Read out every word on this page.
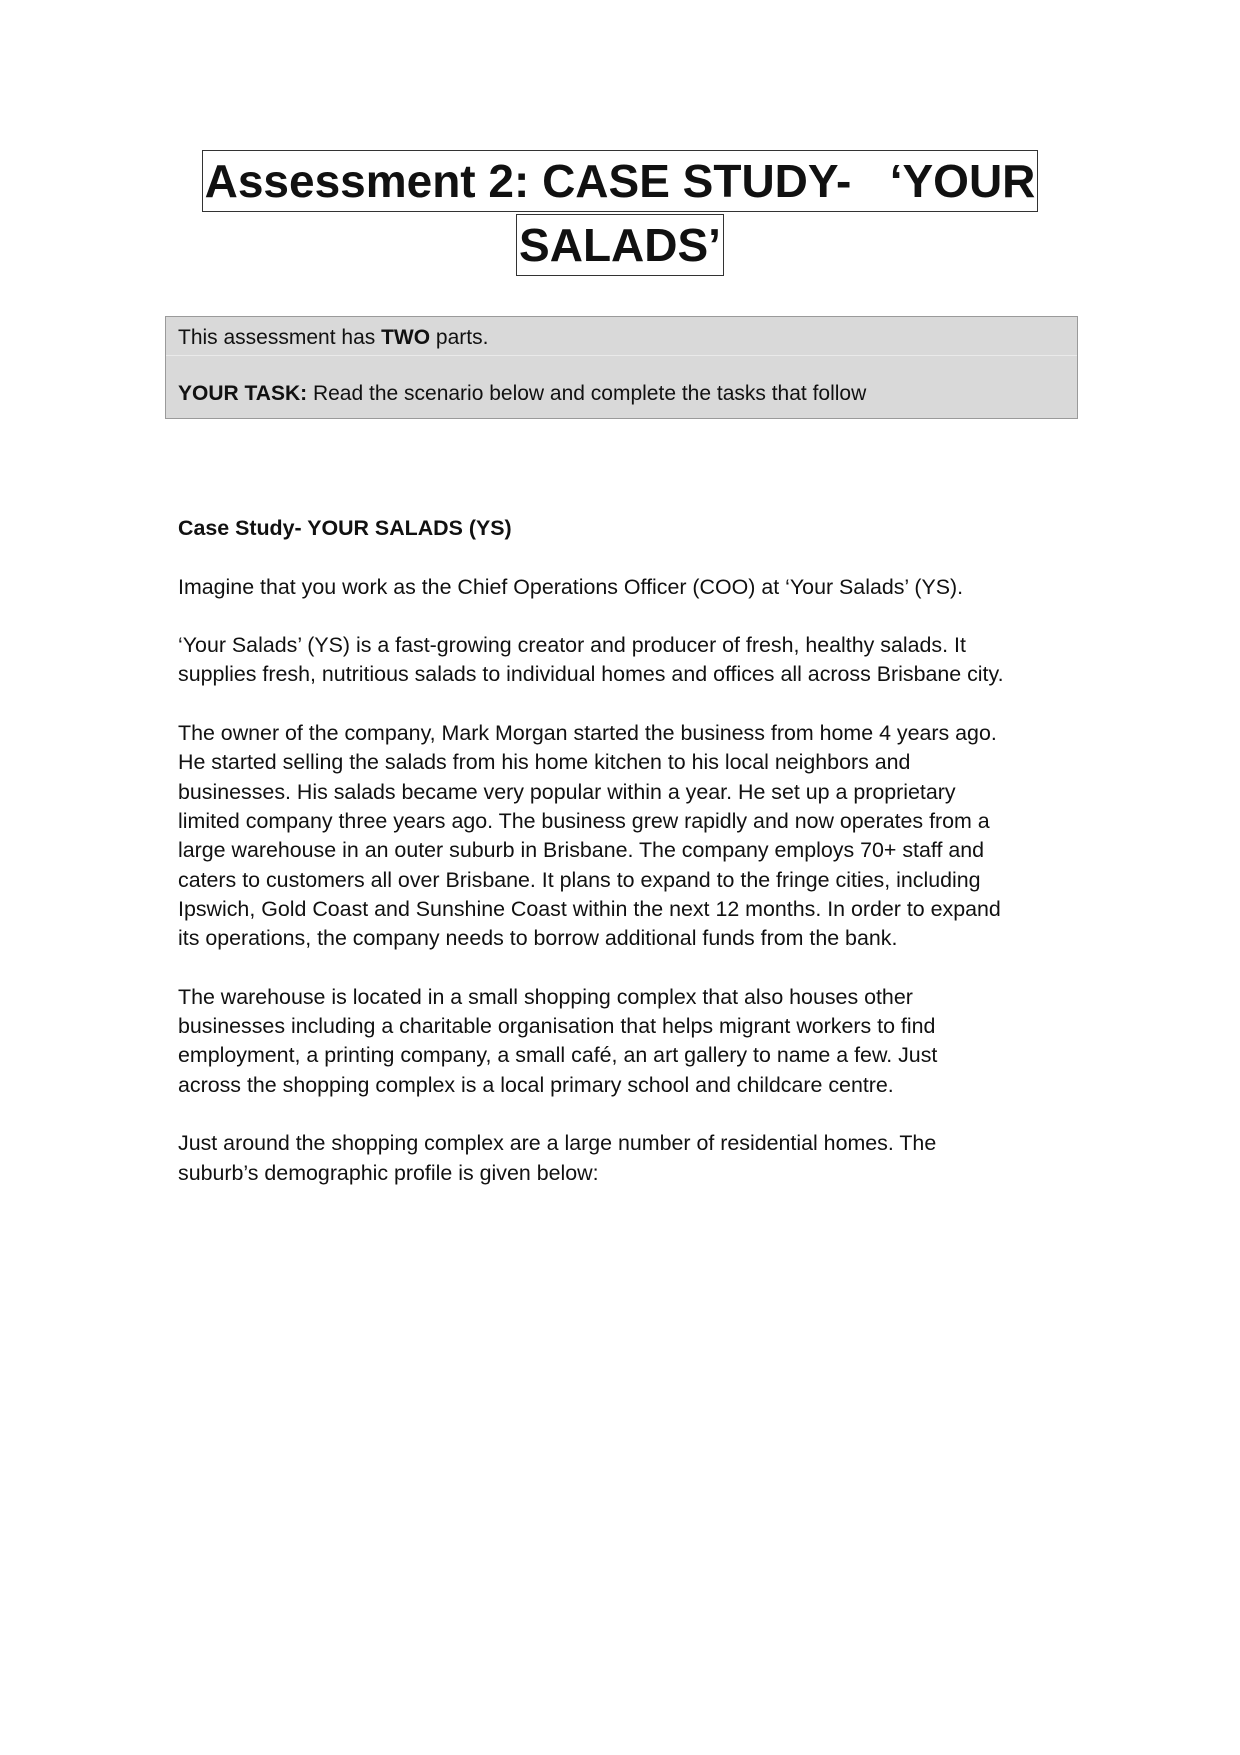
Assessment 2: CASE STUDY-   ‘YOUR
SALADS’
This assessment has TWO parts.
YOUR TASK: Read the scenario below and complete the tasks that follow

Case Study- YOUR SALADS (YS)

Imagine that you work as the Chief Operations Officer (COO) at ‘Your Salads’ (YS).

‘Your Salads’ (YS) is a fast-growing creator and producer of fresh, healthy salads. It
supplies fresh, nutritious salads to individual homes and offices all across Brisbane city.

The owner of the company, Mark Morgan started the business from home 4 years ago.
He started selling the salads from his home kitchen to his local neighbors and
businesses. His salads became very popular within a year. He set up a proprietary
limited company three years ago. The business grew rapidly and now operates from a
large warehouse in an outer suburb in Brisbane. The company employs 70+ staff and
caters to customers all over Brisbane. It plans to expand to the fringe cities, including
Ipswich, Gold Coast and Sunshine Coast within the next 12 months. In order to expand
its operations, the company needs to borrow additional funds from the bank.

The warehouse is located in a small shopping complex that also houses other
businesses including a charitable organisation that helps migrant workers to find
employment, a printing company, a small café, an art gallery to name a few. Just
across the shopping complex is a local primary school and childcare centre.

Just around the shopping complex are a large number of residential homes. The
suburb’s demographic profile is given below:
